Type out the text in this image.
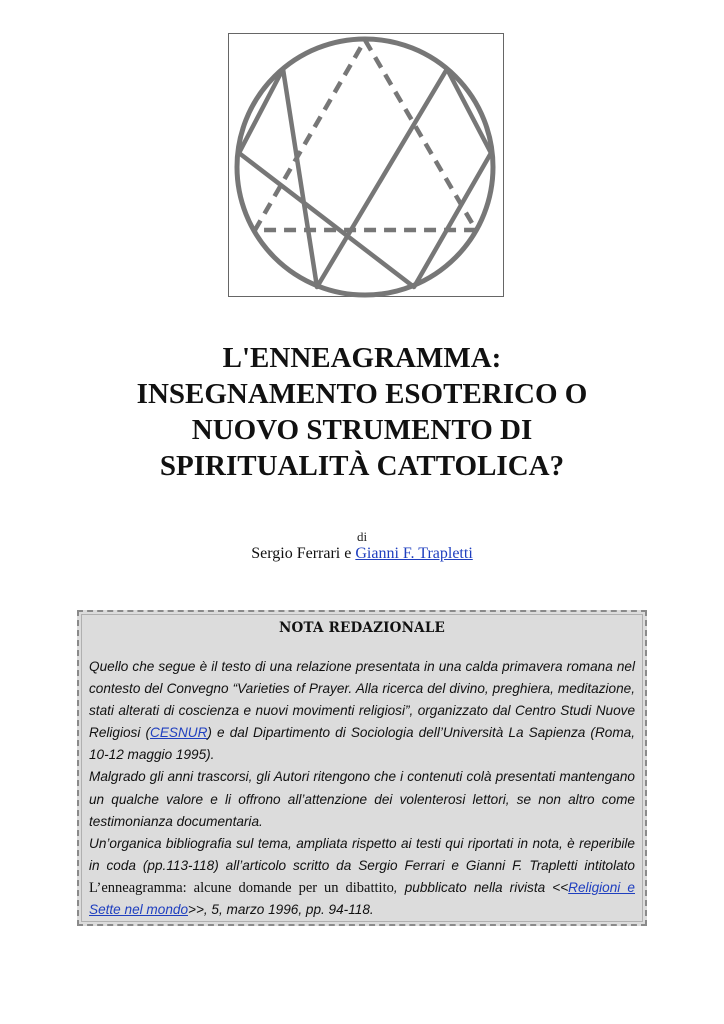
L'ENNEAGRAMMA:
INSEGNAMENTO ESOTERICO O
NUOVO STRUMENTO DI
SPIRITUALITÀ CATTOLICA?
di
Sergio Ferrari e Gianni F. Trapletti
NOTA REDAZIONALE

Quello che segue è il testo di una relazione presentata in una calda primavera romana nel contesto del Convegno “Varieties of Prayer. Alla ricerca del divino, preghiera, meditazione, stati alterati di coscienza e nuovi movimenti religiosi”, organizzato dal Centro Studi Nuove Religiosi (CESNUR) e dal Dipartimento di Sociologia dell’Università La Sapienza (Roma, 10-12 maggio 1995).

Malgrado gli anni trascorsi, gli Autori ritengono che i contenuti colà presentati mantengano un qualche valore e li offrono all’attenzione dei volenterosi lettori, se non altro come testimonianza documentaria.

Un’organica bibliografia sul tema, ampliata rispetto ai testi qui riportati in nota, è reperibile in coda (pp.113-118) all’articolo scritto da Sergio Ferrari e Gianni F. Trapletti intitolato L’enneagramma: alcune domande per un dibattito, pubblicato nella rivista <<Religioni e Sette nel mondo>>, 5, marzo 1996, pp. 94-118.
